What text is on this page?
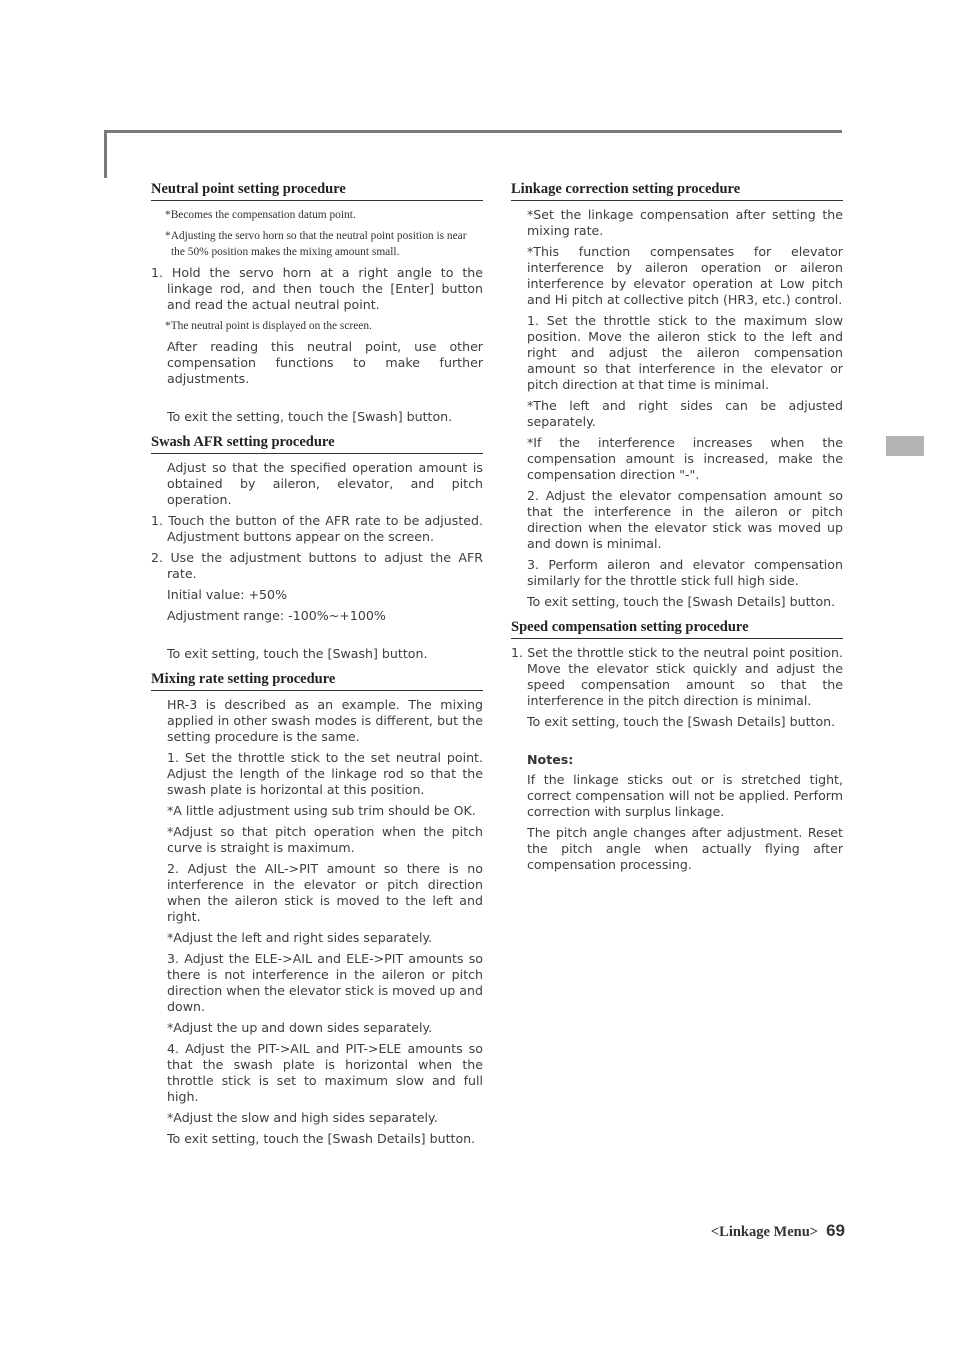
Neutral point setting procedure
*Becomes the compensation datum point.
*Adjusting the servo horn so that the neutral point position is near the 50% position makes the mixing amount small.
1. Hold the servo horn at a right angle to the linkage rod, and then touch the [Enter] button and read the actual neutral point.
*The neutral point is displayed on the screen.
After reading this neutral point, use other compensation functions to make further adjustments.
To exit the setting, touch the [Swash] button.
Swash AFR setting procedure
Adjust so that the specified operation amount is obtained by aileron, elevator, and pitch operation.
1. Touch the button of the AFR rate to be adjusted. Adjustment buttons appear on the screen.
2. Use the adjustment buttons to adjust the AFR rate.
Initial value: +50%
Adjustment range: -100%~+100%
To exit setting, touch the [Swash] button.
Mixing rate setting procedure
HR-3 is described as an example. The mixing applied in other swash modes is different, but the setting procedure is the same.
1. Set the throttle stick to the set neutral point. Adjust the length of the linkage rod so that the swash plate is horizontal at this position.
*A little adjustment using sub trim should be OK.
*Adjust so that pitch operation when the pitch curve is straight is maximum.
2. Adjust the AIL->PIT amount so there is no interference in the elevator or pitch direction when the aileron stick is moved to the left and right.
*Adjust the left and right sides separately.
3. Adjust the ELE->AIL and ELE->PIT amounts so there is not interference in the aileron or pitch direction when the elevator stick is moved up and down.
*Adjust the up and down sides separately.
4. Adjust the PIT->AIL and PIT->ELE amounts so that the swash plate is horizontal when the throttle stick is set to maximum slow and full high.
*Adjust the slow and high sides separately.
To exit setting, touch the [Swash Details] button.
Linkage correction setting procedure
*Set the linkage compensation after setting the mixing rate.
*This function compensates for elevator interference by aileron operation or aileron interference by elevator operation at Low pitch and Hi pitch at collective pitch (HR3, etc.) control.
1. Set the throttle stick to the maximum slow position. Move the aileron stick to the left and right and adjust the aileron compensation amount so that interference in the elevator or pitch direction at that time is minimal.
*The left and right sides can be adjusted separately.
*If the interference increases when the compensation amount is increased, make the compensation direction "-".
2. Adjust the elevator compensation amount so that the interference in the aileron or pitch direction when the elevator stick was moved up and down is minimal.
3. Perform aileron and elevator compensation similarly for the throttle stick full high side.
To exit setting, touch the [Swash Details] button.
Speed compensation setting procedure
1. Set the throttle stick to the neutral point position. Move the elevator stick quickly and adjust the speed compensation amount so that the interference in the pitch direction is minimal.
To exit setting, touch the [Swash Details] button.
Notes:
If the linkage sticks out or is stretched tight, correct compensation will not be applied. Perform correction with surplus linkage.
The pitch angle changes after adjustment. Reset the pitch angle when actually flying after compensation processing.
<Linkage Menu> 69
